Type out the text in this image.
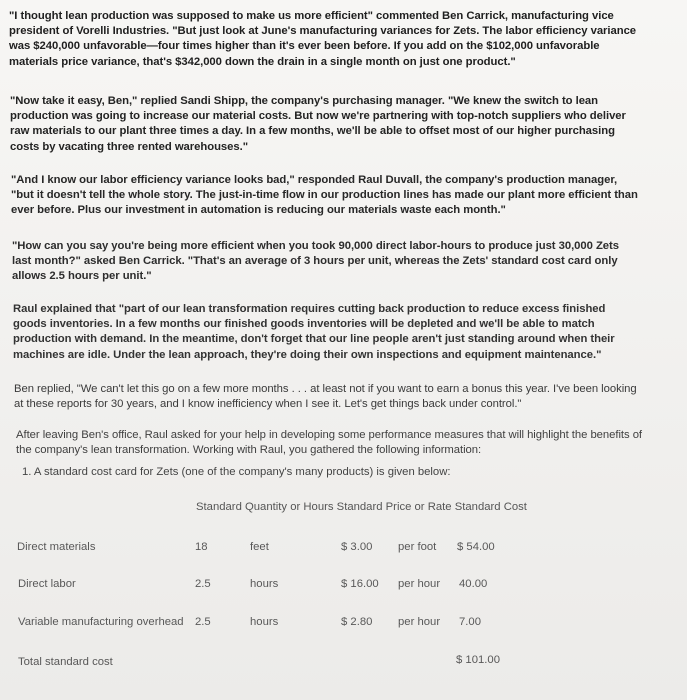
"I thought lean production was supposed to make us more efficient" commented Ben Carrick, manufacturing vice president of Vorelli Industries. "But just look at June's manufacturing variances for Zets. The labor efficiency variance was $240,000 unfavorable—four times higher than it's ever been before. If you add on the $102,000 unfavorable materials price variance, that's $342,000 down the drain in a single month on just one product."

"Now take it easy, Ben," replied Sandi Shipp, the company's purchasing manager. "We knew the switch to lean production was going to increase our material costs. But now we're partnering with top-notch suppliers who deliver raw materials to our plant three times a day. In a few months, we'll be able to offset most of our higher purchasing costs by vacating three rented warehouses."

"And I know our labor efficiency variance looks bad," responded Raul Duvall, the company's production manager, "but it doesn't tell the whole story. The just-in-time flow in our production lines has made our plant more efficient than ever before. Plus our investment in automation is reducing our materials waste each month."

"How can you say you're being more efficient when you took 90,000 direct labor-hours to produce just 30,000 Zets last month?" asked Ben Carrick. "That's an average of 3 hours per unit, whereas the Zets' standard cost card only allows 2.5 hours per unit."

Raul explained that "part of our lean transformation requires cutting back production to reduce excess finished goods inventories. In a few months our finished goods inventories will be depleted and we'll be able to match production with demand. In the meantime, don't forget that our line people aren't just standing around when their machines are idle. Under the lean approach, they're doing their own inspections and equipment maintenance."

Ben replied, "We can't let this go on a few more months . . . at least not if you want to earn a bonus this year. I've been looking at these reports for 30 years, and I know inefficiency when I see it. Let's get things back under control."

After leaving Ben's office, Raul asked for your help in developing some performance measures that will highlight the benefits of the company's lean transformation. Working with Raul, you gathered the following information:

1. A standard cost card for Zets (one of the company's many products) is given below:
Standard Quantity or Hours Standard Price or Rate Standard Cost
Direct materials	18	feet	$ 3.00 per foot $ 54.00
Direct labor	2.5	hours	$ 16.00 per hour 40.00
Variable manufacturing overhead 2.5	hours	$ 2.80 per hour 7.00
Total standard cost	$ 101.00
